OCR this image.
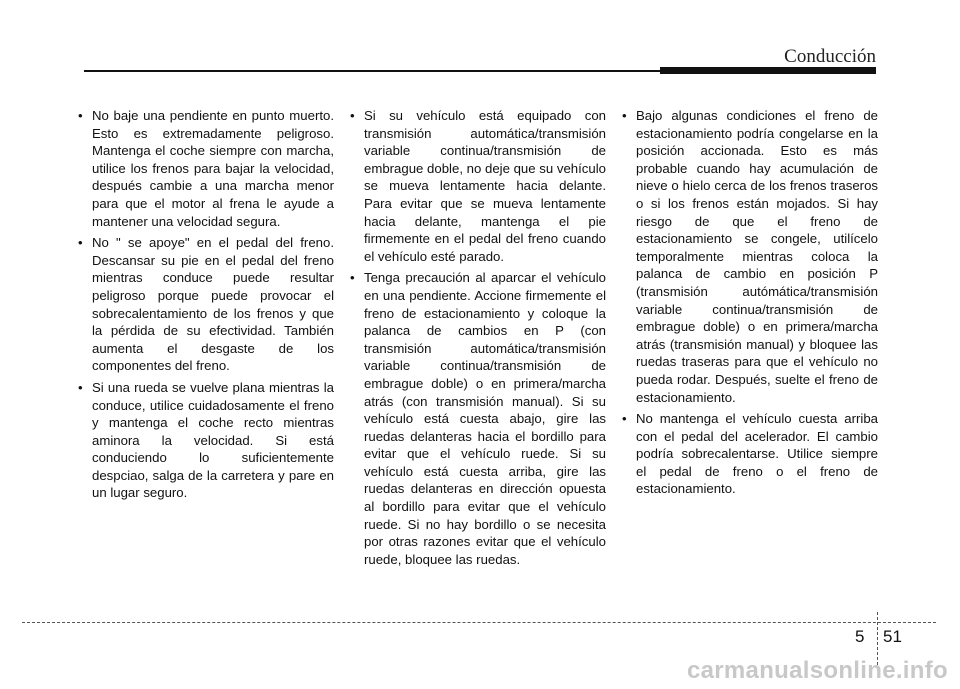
Conducción
• No baje una pendiente en punto muerto. Esto es extremadamente peligroso. Mantenga el coche siempre con marcha, utilice los frenos para bajar la velocidad, después cambie a una marcha menor para que el motor al frena le ayude a mantener una velocidad segura.
• No " se apoye" en el pedal del freno. Descansar su pie en el pedal del freno mientras conduce puede resultar peligroso porque puede provocar el sobrecalentamiento de los frenos y que la pérdida de su efectividad. También aumenta el desgaste de los componentes del freno.
• Si una rueda se vuelve plana mientras la conduce, utilice cuidadosamente el freno y mantenga el coche recto mientras aminora la velocidad. Si está conduciendo lo suficientemente despciao, salga de la carretera y pare en un lugar seguro.
• Si su vehículo está equipado con transmisión automática/transmisión variable continua/transmisión de embrague doble, no deje que su vehículo se mueva lentamente hacia delante. Para evitar que se mueva lentamente hacia delante, mantenga el pie firmemente en el pedal del freno cuando el vehículo esté parado.
• Tenga precaución al aparcar el vehículo en una pendiente. Accione firmemente el freno de estacionamiento y coloque la palanca de cambios en P (con transmisión automática/transmisión variable continua/transmisión de embrague doble) o en primera/marcha atrás (con transmisión manual). Si su vehículo está cuesta abajo, gire las ruedas delanteras hacia el bordillo para evitar que el vehículo ruede. Si su vehículo está cuesta arriba, gire las ruedas delanteras en dirección opuesta al bordillo para evitar que el vehículo ruede. Si no hay bordillo o se necesita por otras razones evitar que el vehículo ruede, bloquee las ruedas.
• Bajo algunas condiciones el freno de estacionamiento podría congelarse en la posición accionada. Esto es más probable cuando hay acumulación de nieve o hielo cerca de los frenos traseros o si los frenos están mojados. Si hay riesgo de que el freno de estacionamiento se congele, utilícelo temporalmente mientras coloca la palanca de cambio en posición P (transmisión autómática/transmisión variable continua/transmisión de embrague doble) o en primera/marcha atrás (transmisión manual) y bloquee las ruedas traseras para que el vehículo no pueda rodar. Después, suelte el freno de estacionamiento.
• No mantenga el vehículo cuesta arriba con el pedal del acelerador. El cambio podría sobrecalentarse. Utilice siempre el pedal de freno o el freno de estacionamiento.
5 51
carmanualsonline.info
